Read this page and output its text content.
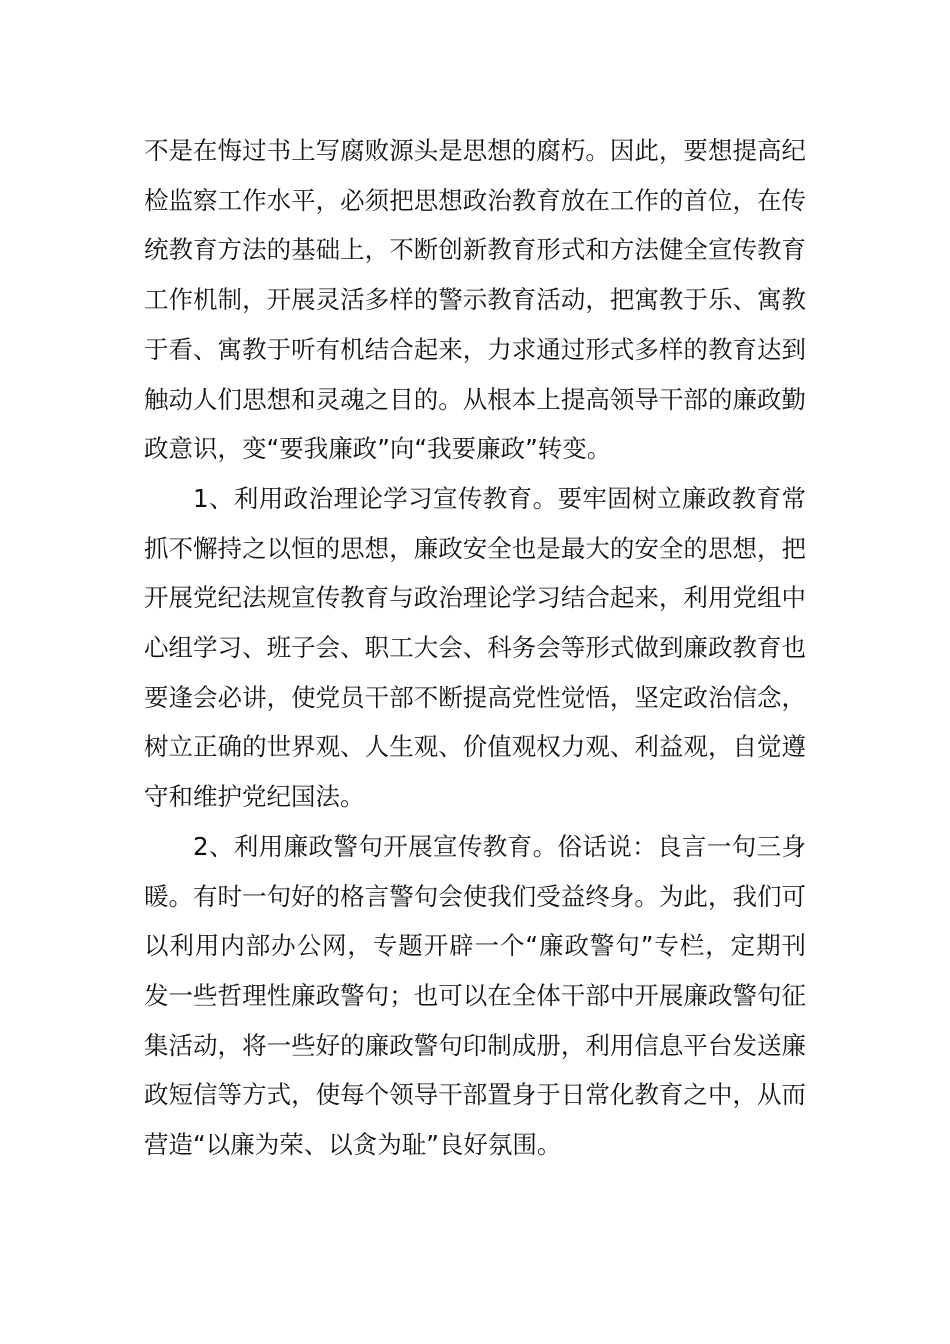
不是在悔过书上写腐败源头是思想的腐朽。因此，要想提高纪检监察工作水平，必须把思想政治教育放在工作的首位，在传统教育方法的基础上，不断创新教育形式和方法健全宣传教育工作机制，开展灵活多样的警示教育活动，把寓教于乐、寓教于看、寓教于听有机结合起来，力求通过形式多样的教育达到触动人们思想和灵魂之目的。从根本上提高领导干部的廉政勤政意识，变“要我廉政”向“我要廉政”转变。

1、利用政治理论学习宣传教育。要牢固树立廉政教育常抓不懈持之以恒的思想，廉政安全也是最大的安全的思想，把开展党纪法规宣传教育与政治理论学习结合起来，利用党组中心组学习、班子会、职工大会、科务会等形式做到廉政教育也要逢会必讲，使党员干部不断提高党性觉悟，坚定政治信念，树立正确的世界观、人生观、价值观权力观、利益观，自觉遵守和维护党纪国法。

2、利用廉政警句开展宣传教育。俗话说：良言一句三身暖。有时一句好的格言警句会使我们受益终身。为此，我们可以利用内部办公网，专题开辟一个“廉政警句”专栏，定期刊发一些哲理性廉政警句；也可以在全体干部中开展廉政警句征集活动，将一些好的廉政警句印制成册，利用信息平台发送廉政短信等方式，使每个领导干部置身于日常化教育之中，从而营造“以廉为荣、以贪为耻”良好氛围。
